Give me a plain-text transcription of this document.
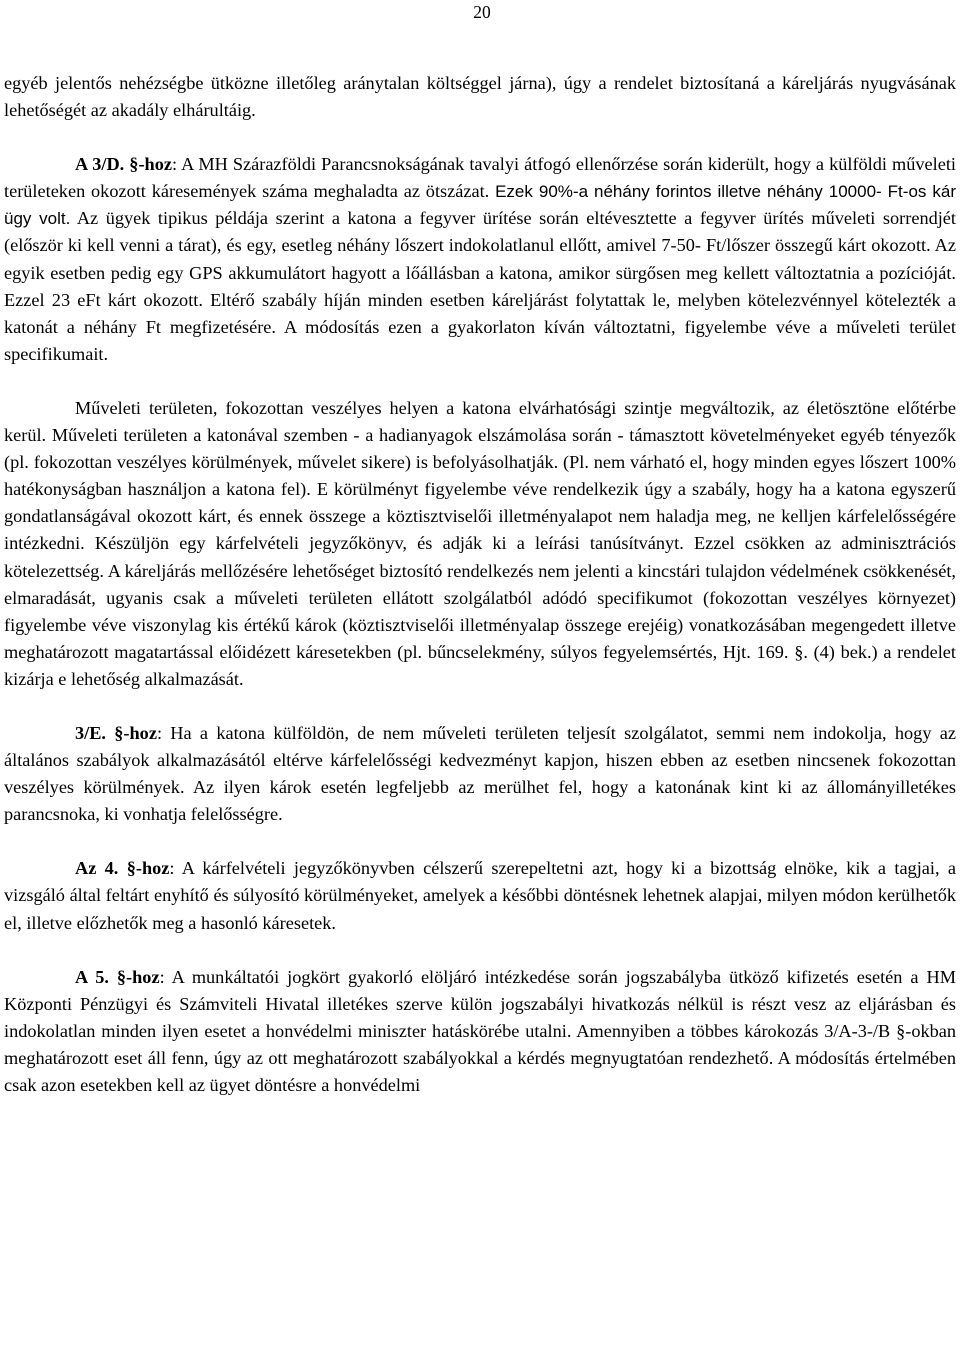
20

egyéb jelentős nehézségbe ütközne illetőleg aránytalan költséggel járna), úgy a rendelet biztosítaná a káreljárás nyugvásának lehetőségét az akadály elhárultáig.

A 3/D. §-hoz: A MH Szárazföldi Parancsnokságának tavalyi átfogó ellenőrzése során kiderült, hogy a külföldi műveleti területeken okozott káresemények száma meghaladta az ötszázat. Ezek 90%-a néhány forintos illetve néhány 10000- Ft-os kár ügy volt. Az ügyek tipikus példája szerint a katona a fegyver ürítése során eltévesztette a fegyver ürítés műveleti sorrendjét (először ki kell venni a tárat), és egy, esetleg néhány lőszert indokolatlanul ellőtt, amivel 7-50- Ft/lőszer összegű kárt okozott. Az egyik esetben pedig egy GPS akkumulátort hagyott a lőállásban a katona, amikor sürgősen meg kellett változtatnia a pozícióját. Ezzel 23 eFt kárt okozott. Eltérő szabály híján minden esetben káreljárást folytattak le, melyben kötelezvénnyel kötelezték a katonát a néhány Ft megfizetésére. A módosítás ezen a gyakorlaton kíván változtatni, figyelembe véve a műveleti terület specifikumait.

Műveleti területen, fokozottan veszélyes helyen a katona elvárhatósági szintje megváltozik, az életösztöne előtérbe kerül. Műveleti területen a katonával szemben - a hadianyagok elszámolása során - támasztott követelményeket egyéb tényezők (pl. fokozottan veszélyes körülmények, művelet sikere) is befolyásolhatják. (Pl. nem várható el, hogy minden egyes lőszert 100% hatékonyságban használjon a katona fel). E körülményt figyelembe véve rendelkezik úgy a szabály, hogy ha a katona egyszerű gondatlanságával okozott kárt, és ennek összege a köztisztviselői illetményalapot nem haladja meg, ne kelljen kárfelelősségére intézkedni. Készüljön egy kárfelvételi jegyzőkönyv, és adják ki a leírási tanúsítványt. Ezzel csökken az adminisztrációs kötelezettség. A káreljárás mellőzésére lehetőséget biztosító rendelkezés nem jelenti a kincstári tulajdon védelmének csökkenését, elmaradását, ugyanis csak a műveleti területen ellátott szolgálatból adódó specifikumot (fokozottan veszélyes környezet) figyelembe véve viszonylag kis értékű károk (köztisztviselői illetményalap összege erejéig) vonatkozásában megengedett illetve meghatározott magatartással előidézett káresetekben (pl. bűncselekmény, súlyos fegyelemsértés, Hjt. 169. §. (4) bek.) a rendelet kizárja e lehetőség alkalmazását.

3/E. §-hoz: Ha a katona külföldön, de nem műveleti területen teljesít szolgálatot, semmi nem indokolja, hogy az általános szabályok alkalmazásától eltérve kárfelelősségi kedvezményt kapjon, hiszen ebben az esetben nincsenek fokozottan veszélyes körülmények. Az ilyen károk esetén legfeljebb az merülhet fel, hogy a katonának kint ki az állományilletékes parancsnoka, ki vonhatja felelősségre.

Az 4. §-hoz: A kárfelvételi jegyzőkönyvben célszerű szerepeltetni azt, hogy ki a bizottság elnöke, kik a tagjai, a vizsgáló által feltárt enyhítő és súlyosító körülményeket, amelyek a későbbi döntésnek lehetnek alapjai, milyen módon kerülhetők el, illetve előzhetők meg a hasonló káresetek.

A 5. §-hoz: A munkáltatói jogkört gyakorló elöljáró intézkedése során jogszabályba ütköző kifizetés esetén a HM Központi Pénzügyi és Számviteli Hivatal illetékes szerve külön jogszabályi hivatkozás nélkül is részt vesz az eljárásban és indokolatlan minden ilyen esetet a honvédelmi miniszter hatáskörébe utalni. Amennyiben a többes károkozás 3/A-3-/B §-okban meghatározott eset áll fenn, úgy az ott meghatározott szabályokkal a kérdés megnyugtatóan rendezhető. A módosítás értelmében csak azon esetekben kell az ügyet döntésre a honvédelmi
